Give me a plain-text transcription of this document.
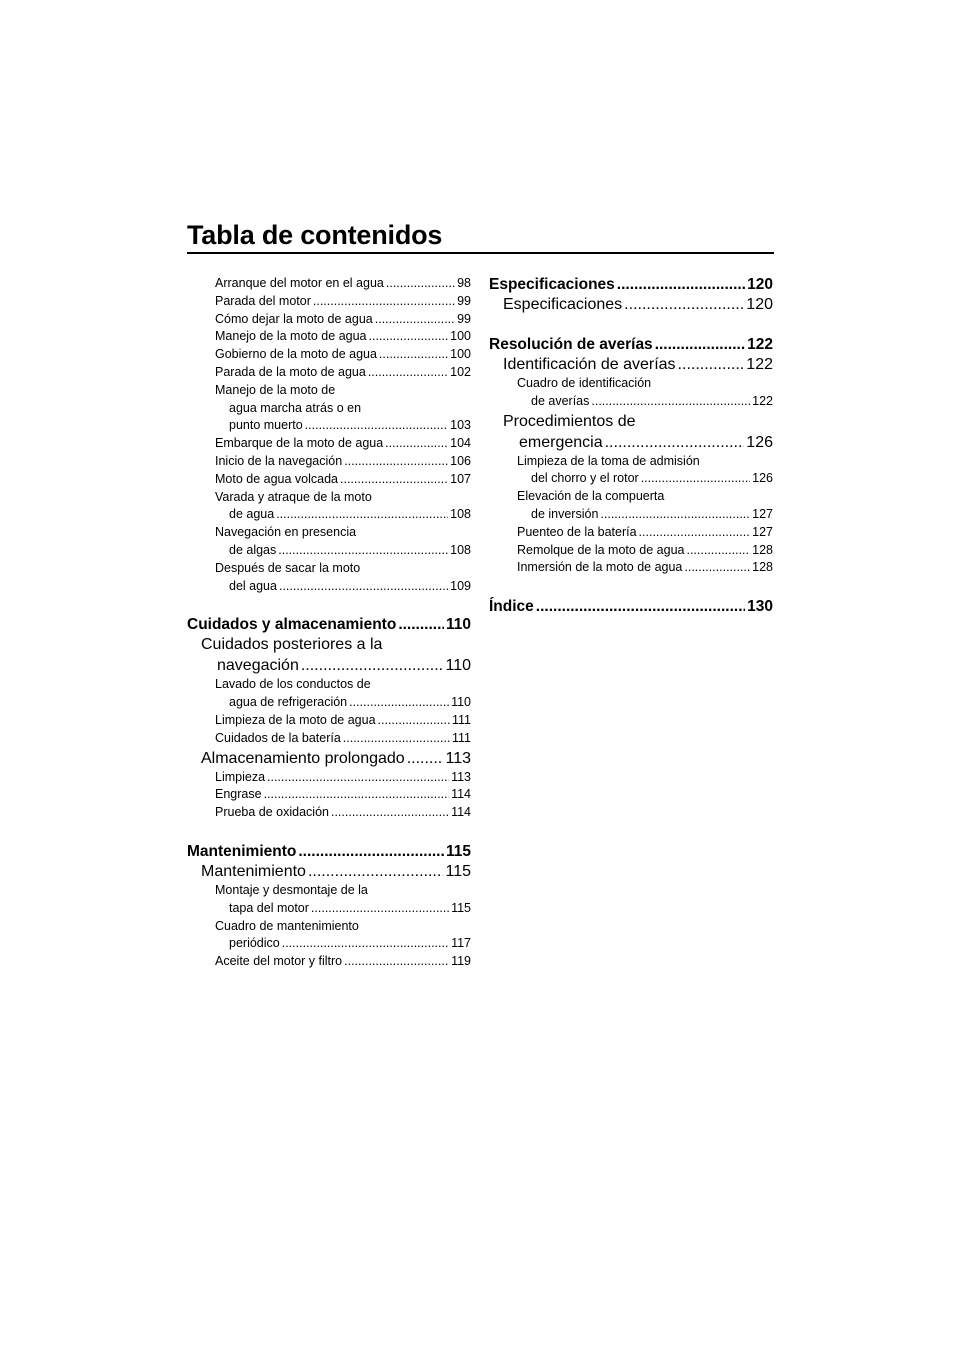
Tabla de contenidos
Arranque del motor en el agua .....	98
Parada del motor .....	99
Cómo dejar la moto de agua .....	99
Manejo de la moto de agua .....	100
Gobierno de la moto de agua .....	100
Parada de la moto de agua .....	102
Manejo de la moto de
agua marcha atrás o en
punto muerto .....	103
Embarque de la moto de agua .....	104
Inicio de la navegación .....	106
Moto de agua volcada .....	107
Varada y atraque de la moto
de agua .....	108
Navegación en presencia
de algas .....	108
Después de sacar la moto
del agua .....	109
Cuidados y almacenamiento .....	110
Cuidados posteriores a la
navegación .....	110
Lavado de los conductos de
agua de refrigeración .....	110
Limpieza de la moto de agua .....	111
Cuidados de la batería .....	111
Almacenamiento prolongado .....	113
Limpieza .....	113
Engrase .....	114
Prueba de oxidación .....	114
Mantenimiento .....	115
Mantenimiento .....	115
Montaje y desmontaje de la
tapa del motor .....	115
Cuadro de mantenimiento
periódico .....	117
Aceite del motor y filtro .....	119
Especificaciones .....	120
Especificaciones .....	120
Resolución de averías .....	122
Identificación de averías .....	122
Cuadro de identificación
de averías .....	122
Procedimientos de
emergencia .....	126
Limpieza de la toma de admisión
del chorro y el rotor .....	126
Elevación de la compuerta
de inversión .....	127
Puenteo de la batería .....	127
Remolque de la moto de agua .....	128
Inmersión de la moto de agua .....	128
Índice .....	130
